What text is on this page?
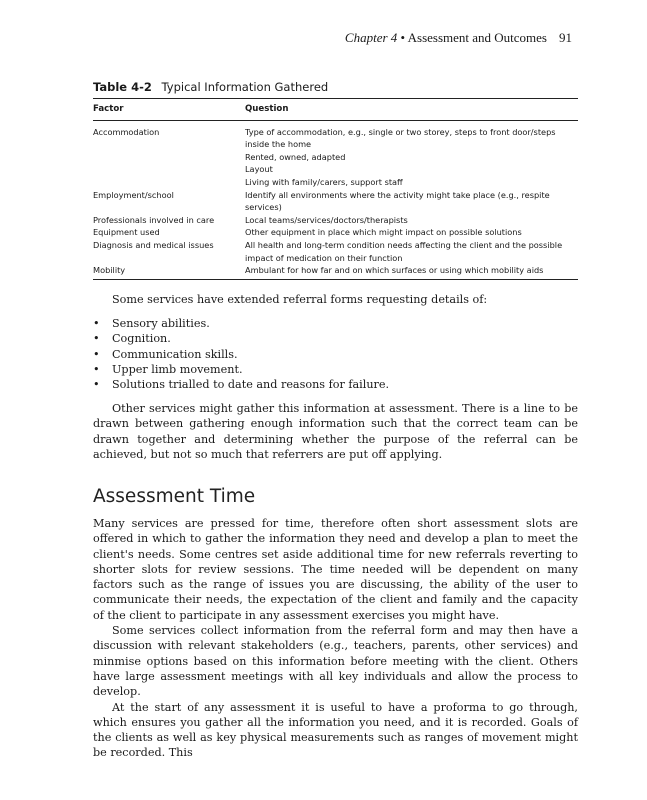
Chapter 4 • Assessment and Outcomes 91
Table 4-2 Typical Information Gathered
Factor	Question
Accommodation	Type of accommodation, e.g., single or two storey, steps to front door/steps
inside the home
Rented, owned, adapted
Layout
Living with family/carers, support staff

Employment/school	Identify all environments where the activity might take place (e.g., respite services)

Professionals involved in care	Local teams/services/doctors/therapists

Equipment used	Other equipment in place which might impact on possible solutions

Diagnosis and medical issues	All health and long-term condition needs affecting the client and the possible
impact of medication on their function

Mobility	Ambulant for how far and on which surfaces or using which mobility aids

Some services have extended referral forms requesting details of:

• Sensory abilities.
• Cognition.
• Communication skills.
• Upper limb movement.
• Solutions trialled to date and reasons for failure.

Other services might gather this information at assessment. There is a line to be drawn between gathering enough information such that the correct team can be drawn together and determining whether the purpose of the referral can be achieved, but not so much that referrers are put off applying.

Assessment Time

Many services are pressed for time, therefore often short assessment slots are offered in which to gather the information they need and develop a plan to meet the client's needs. Some centres set aside additional time for new referrals reverting to shorter slots for review sessions. The time needed will be dependent on many factors such as the range of issues you are discussing, the ability of the user to communicate their needs, the expectation of the client and family and the capacity of the client to participate in any assessment exercises you might have.

Some services collect information from the referral form and may then have a discussion with relevant stakeholders (e.g., teachers, parents, other services) and minmise options based on this information before meeting with the client. Others have large assessment meetings with all key individuals and allow the process to develop.

At the start of any assessment it is useful to have a proforma to go through, which ensures you gather all the information you need, and it is recorded. Goals of the clients as well as key physical measurements such as ranges of movement might be recorded. This
